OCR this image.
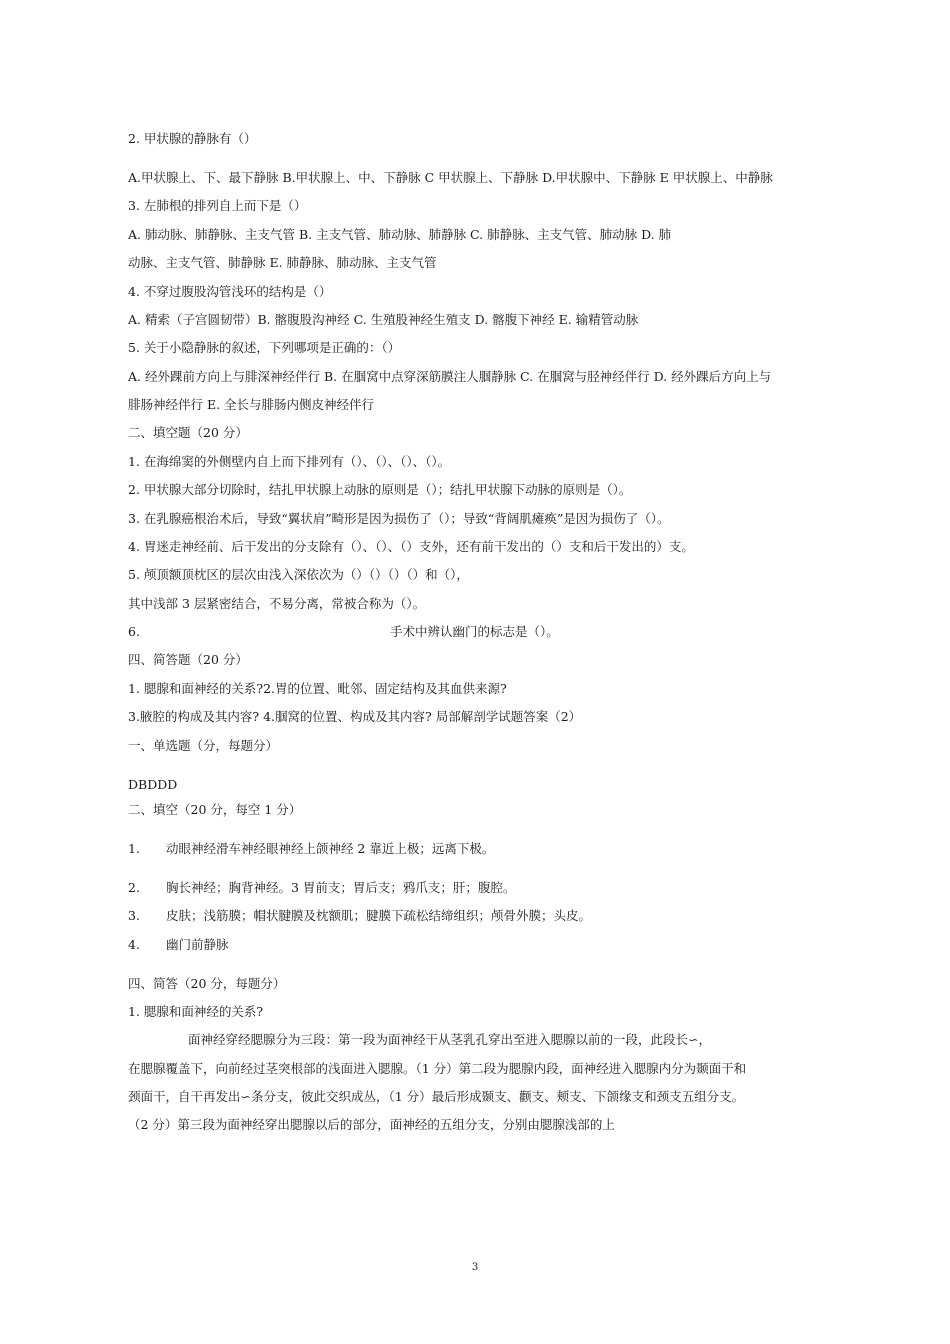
2. 甲状腺的静脉有（）
A.甲状腺上、下、最下静脉 B.甲状腺上、中、下静脉 C 甲状腺上、下静脉 D.甲状腺中、下静脉 E 甲状腺上、中静脉
3. 左肺根的排列自上而下是（）
A. 肺动脉、肺静脉、主支气管 B. 主支气管、肺动脉、肺静脉 C. 肺静脉、主支气管、肺动脉 D. 肺
动脉、主支气管、肺静脉 E. 肺静脉、肺动脉、主支气管
4. 不穿过腹股沟管浅环的结构是（）
A. 精索（子宫圆韧带）B. 髂腹股沟神经 C. 生殖股神经生殖支 D. 髂腹下神经 E. 输精管动脉
5. 关于小隐静脉的叙述，下列哪项是正确的：（）
A. 经外踝前方向上与腓深神经伴行 B. 在腘窝中点穿深筋膜注人腘静脉 C. 在腘窝与胫神经伴行 D. 经外踝后方向上与
腓肠神经伴行 E. 全长与腓肠内侧皮神经伴行
二、填空题（20 分）
1. 在海绵窦的外侧壁内自上而下排列有（）、（）、（）、（）。
2. 甲状腺大部分切除时，结扎甲状腺上动脉的原则是（）；结扎甲状腺下动脉的原则是（）。
3. 在乳腺癌根治术后，导致“翼状肩”畸形是因为损伤了（）；导致“背阔肌瘫痪”是因为损伤了（）。
4. 胃迷走神经前、后干发出的分支除有（）、（）、（）支外，还有前干发出的（）支和后干发出的）支。
5. 颅顶额顶枕区的层次由浅入深依次为（）（）（）（）和（），
其中浅部 3 层紧密结合，不易分离，常被合称为（）。
6.	手术中辨认幽门的标志是（）。
四、简答题（20 分）
1. 腮腺和面神经的关系?2.胃的位置、毗邻、固定结构及其血供来源?
3.腋腔的构成及其内容? 4.腘窝的位置、构成及其内容? 局部解剖学试题答案（2）
一、单选题（分，每题分）
DBDDD
二、填空（20 分，每空 1 分）
1. 动眼神经滑车神经眼神经上颌神经 2 靠近上极；远离下极。
2. 胸长神经；胸背神经。3 胃前支；胃后支；鸦爪支；肝；腹腔。
3. 皮肤；浅筋膜；帽状腱膜及枕额肌；腱膜下疏松结缔组织；颅骨外膜；头皮。
4. 幽门前静脉
四、简答（20 分，每题分）
1. 腮腺和面神经的关系?
面神经穿经腮腺分为三段：第一段为面神经干从茎乳孔穿出至进入腮腺以前的一段，此段长∽，
在腮腺覆盖下，向前经过茎突根部的浅面进入腮腺。（1 分）第二段为腮腺内段，面神经进入腮腺内分为颞面干和
颈面干，自干再发出∽条分支，彼此交织成丛，（1 分）最后形成颞支、颧支、颊支、下颌缘支和颈支五组分支。
（2 分）第三段为面神经穿出腮腺以后的部分，面神经的五组分支，分别由腮腺浅部的上
3
